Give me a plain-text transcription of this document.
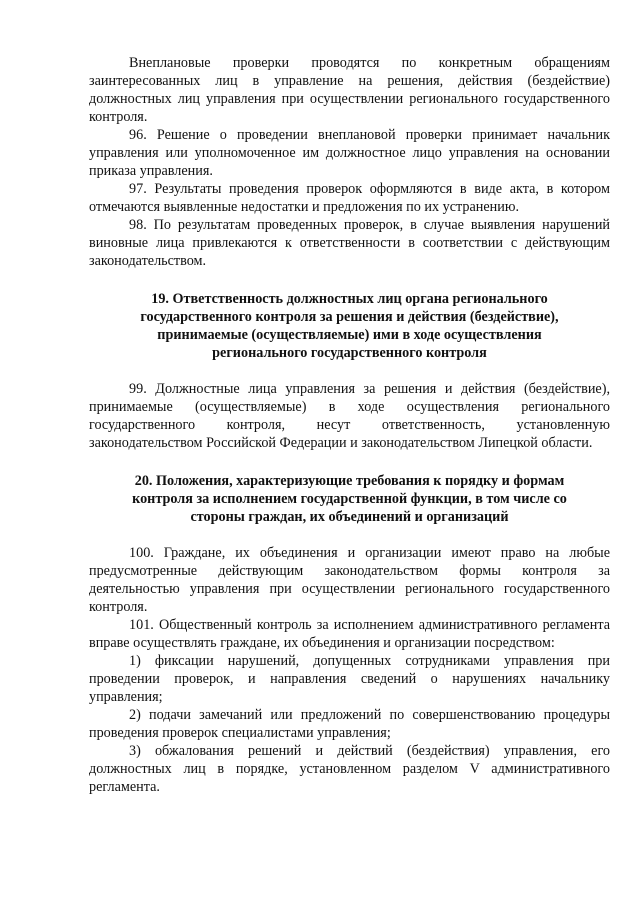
Внеплановые проверки проводятся по конкретным обращениям заинтересованных лиц в управление на решения, действия (бездействие) должностных лиц управления при осуществлении регионального государственного контроля.

96. Решение о проведении внеплановой проверки принимает начальник управления или уполномоченное им должностное лицо управления на основании приказа управления.

97. Результаты проведения проверок оформляются в виде акта, в котором отмечаются выявленные недостатки и предложения по их устранению.

98. По результатам проведенных проверок, в случае выявления нарушений виновные лица привлекаются к ответственности в соответствии с действующим законодательством.

19. Ответственность должностных лиц органа регионального государственного контроля за решения и действия (бездействие), принимаемые (осуществляемые) ими в ходе осуществления регионального государственного контроля

99. Должностные лица управления за решения и действия (бездействие), принимаемые (осуществляемые) в ходе осуществления регионального государственного контроля, несут ответственность, установленную законодательством Российской Федерации и законодательством Липецкой области.

20. Положения, характеризующие требования к порядку и формам контроля за исполнением государственной функции, в том числе со стороны граждан, их объединений и организаций

100. Граждане, их объединения и организации имеют право на любые предусмотренные действующим законодательством формы контроля за деятельностью управления при осуществлении регионального государственного контроля.

101. Общественный контроль за исполнением административного регламента вправе осуществлять граждане, их объединения и организации посредством:

1) фиксации нарушений, допущенных сотрудниками управления при проведении проверок, и направления сведений о нарушениях начальнику управления;

2) подачи замечаний или предложений по совершенствованию процедуры проведения проверок специалистами управления;

3) обжалования решений и действий (бездействия) управления, его должностных лиц в порядке, установленном разделом V административного регламента.
